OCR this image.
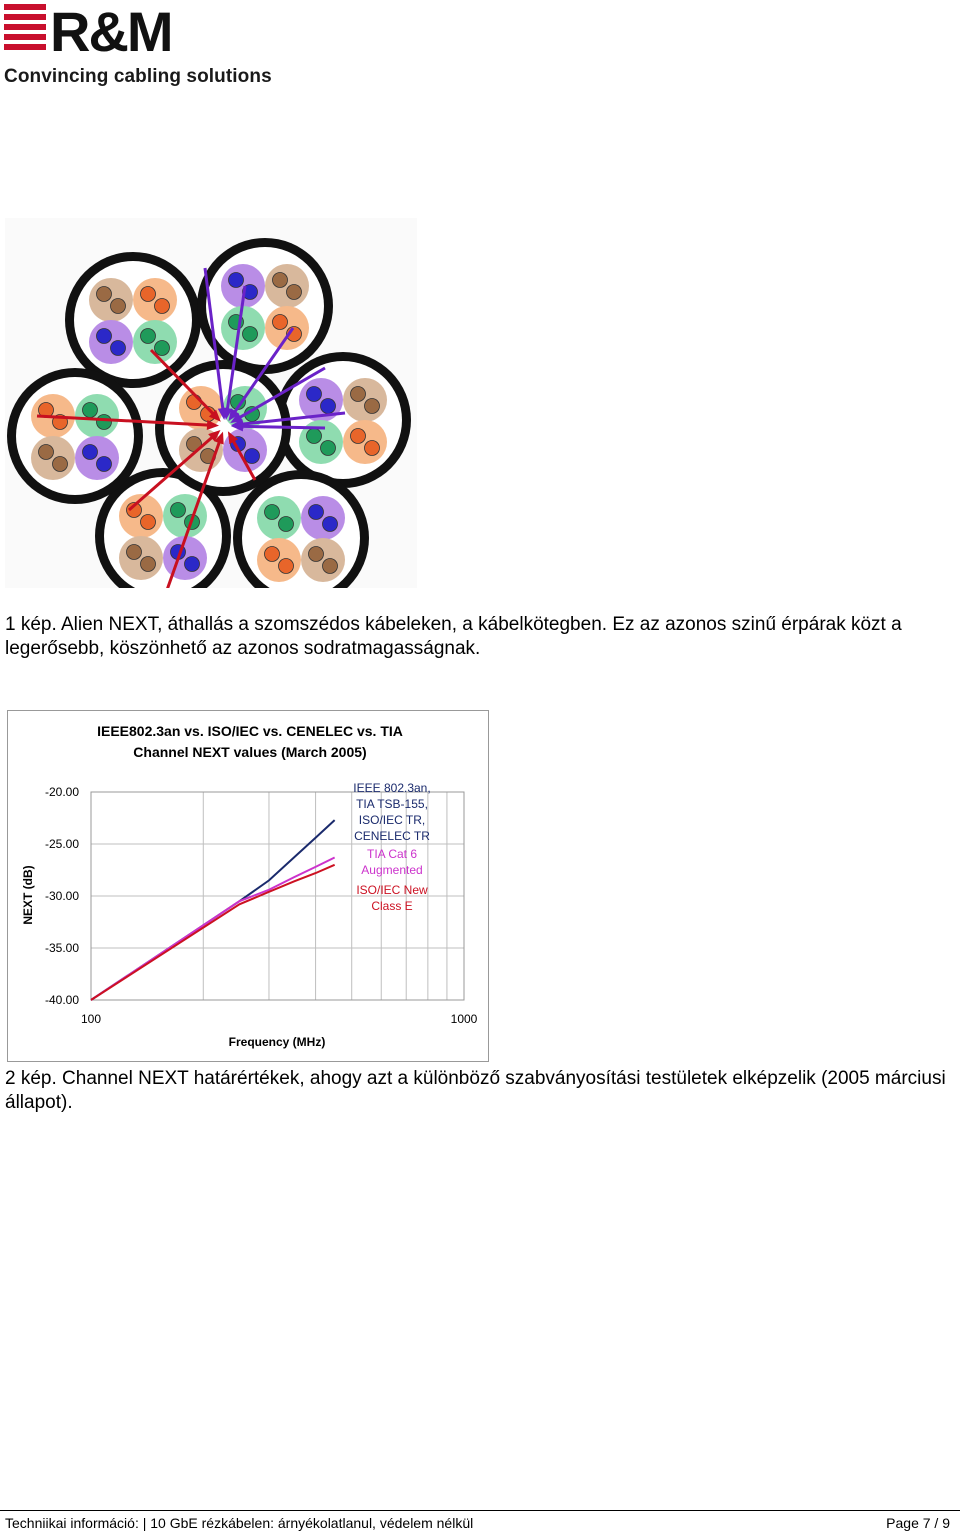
R&M
Convincing cabling solutions
1 kép. Alien NEXT, áthallás a szomszédos kábeleken, a kábelkötegben. Ez az azonos szinű érpárak közt a legerősebb, köszönhető az azonos sodratmagasságnak.
IEEE802.3an vs. ISO/IEC vs. CENELEC vs. TIA
Channel NEXT values (March 2005)
-20.00
-25.00
-30.00
-35.00
-40.00
100	1000
IEEE 802.3an,
TIA TSB-155,
ISO/IEC TR,
CENELEC TR
TIA Cat 6
Augmented
ISO/IEC New
Class E
Frequency (MHz)
NEXT (dB)
2 kép. Channel NEXT határértékek, ahogy azt a különböző szabványosítási testületek elképzelik (2005 márciusi állapot).
Techniikai információ: | 10 GbE rézkábelen: árnyékolatlanul, védelem nélkül	Page 7 / 9
